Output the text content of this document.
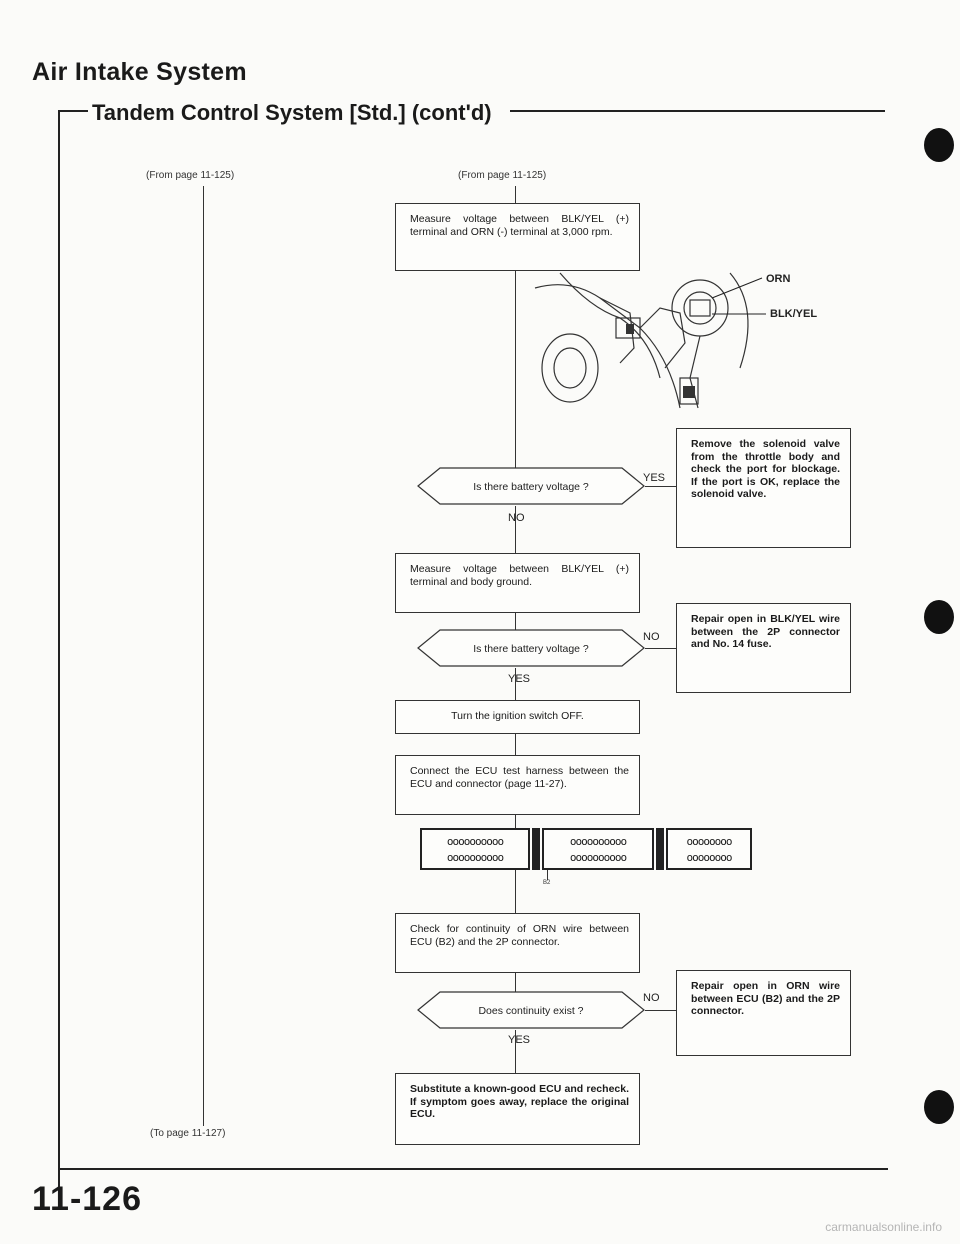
Air Intake System
Tandem Control System [Std.] (cont'd)
(From page 11-125)
(To page 11-127)
(From page 11-125)
Measure voltage between BLK/YEL (+) terminal and ORN (-) terminal at 3,000 rpm.
ORN
BLK/YEL
Is there battery voltage ?
YES
Remove the solenoid valve from the throttle body and check the port for blockage. If the port is OK, replace the solenoid valve.
NO
Measure voltage between BLK/YEL (+) terminal and body ground.
Is there battery voltage ?
NO
Repair open in BLK/YEL wire between the 2P connector and No. 14 fuse.
YES
Turn the ignition switch OFF.
Connect the ECU test harness between the ECU and connector (page 11-27).
oooooooooo
oooooooooo
oooooooooo
oooooooooo
oooooooo
oooooooo
B2
Check for continuity of ORN wire between ECU (B2) and the 2P connector.
Does continuity exist ?
NO
Repair open in ORN wire between ECU (B2) and the 2P connector.
YES
Substitute a known-good ECU and recheck. If symptom goes away, replace the original ECU.
11-126
carmanualsonline.info
